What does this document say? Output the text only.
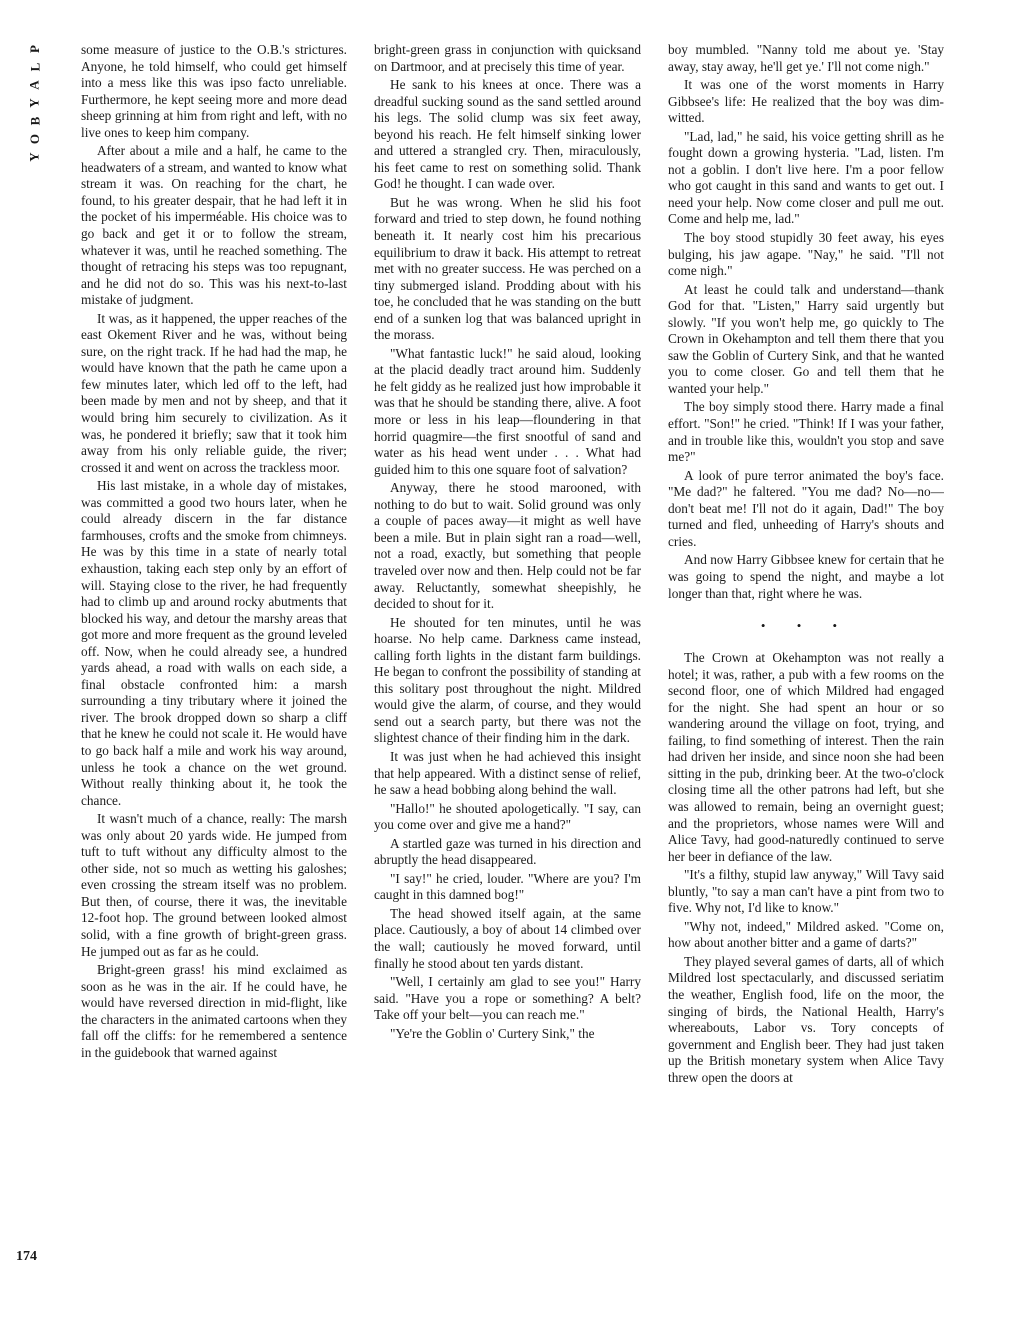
P
L
A
Y
B
O
Y

some measure of justice to the O.B.'s strictures. Anyone, he told himself, who could get himself into a mess like this was ipso facto unreliable. Furthermore, he kept seeing more and more dead sheep grinning at him from right and left, with no live ones to keep him company.

After about a mile and a half, he came to the headwaters of a stream, and wanted to know what stream it was. On reaching for the chart, he found, to his greater despair, that he had left it in the pocket of his imperméable. His choice was to go back and get it or to follow the stream, whatever it was, until he reached something. The thought of retracing his steps was too repugnant, and he did not do so. This was his next-to-last mistake of judgment.

It was, as it happened, the upper reaches of the east Okement River and he was, without being sure, on the right track. If he had had the map, he would have known that the path he came upon a few minutes later, which led off to the left, had been made by men and not by sheep, and that it would bring him securely to civilization. As it was, he pondered it briefly; saw that it took him away from his only reliable guide, the river; crossed it and went on across the trackless moor.

His last mistake, in a whole day of mistakes, was committed a good two hours later, when he could already discern in the far distance farmhouses, crofts and the smoke from chimneys. He was by this time in a state of nearly total exhaustion, taking each step only by an effort of will. Staying close to the river, he had frequently had to climb up and around rocky abutments that blocked his way, and detour the marshy areas that got more and more frequent as the ground leveled off. Now, when he could already see, a hundred yards ahead, a road with walls on each side, a final obstacle confronted him: a marsh surrounding a tiny tributary where it joined the river. The brook dropped down so sharp a cliff that he knew he could not scale it. He would have to go back half a mile and work his way around, unless he took a chance on the wet ground. Without really thinking about it, he took the chance.

It wasn't much of a chance, really: The marsh was only about 20 yards wide. He jumped from tuft to tuft without any difficulty almost to the other side, not so much as wetting his galoshes; even crossing the stream itself was no problem. But then, of course, there it was, the inevitable 12-foot hop. The ground between looked almost solid, with a fine growth of bright-green grass. He jumped out as far as he could.

Bright-green grass! his mind exclaimed as soon as he was in the air. If he could have, he would have reversed direction in mid-flight, like the characters in the animated cartoons when they fall off the cliffs: for he remembered a sentence in the guidebook that warned against

bright-green grass in conjunction with quicksand on Dartmoor, and at precisely this time of year.

He sank to his knees at once. There was a dreadful sucking sound as the sand settled around his legs. The solid clump was six feet away, beyond his reach. He felt himself sinking lower and uttered a strangled cry. Then, miraculously, his feet came to rest on something solid. Thank God! he thought. I can wade over.

But he was wrong. When he slid his foot forward and tried to step down, he found nothing beneath it. It nearly cost him his precarious equilibrium to draw it back. His attempt to retreat met with no greater success. He was perched on a tiny submerged island. Prodding about with his toe, he concluded that he was standing on the butt end of a sunken log that was balanced upright in the morass.

"What fantastic luck!" he said aloud, looking at the placid deadly tract around him. Suddenly he felt giddy as he realized just how improbable it was that he should be standing there, alive. A foot more or less in his leap—floundering in that horrid quagmire—the first snootful of sand and water as his head went under . . . What had guided him to this one square foot of salvation?

Anyway, there he stood marooned, with nothing to do but to wait. Solid ground was only a couple of paces away—it might as well have been a mile. But in plain sight ran a road—well, not a road, exactly, but something that people traveled over now and then. Help could not be far away. Reluctantly, somewhat sheepishly, he decided to shout for it.

He shouted for ten minutes, until he was hoarse. No help came. Darkness came instead, calling forth lights in the distant farm buildings. He began to confront the possibility of standing at this solitary post throughout the night. Mildred would give the alarm, of course, and they would send out a search party, but there was not the slightest chance of their finding him in the dark.

It was just when he had achieved this insight that help appeared. With a distinct sense of relief, he saw a head bobbing along behind the wall.

"Hallo!" he shouted apologetically. "I say, can you come over and give me a hand?"

A startled gaze was turned in his direction and abruptly the head disappeared.

"I say!" he cried, louder. "Where are you? I'm caught in this damned bog!"

The head showed itself again, at the same place. Cautiously, a boy of about 14 climbed over the wall; cautiously he moved forward, until finally he stood about ten yards distant.

"Well, I certainly am glad to see you!" Harry said. "Have you a rope or something? A belt? Take off your belt—you can reach me."

"Ye're the Goblin o' Curtery Sink," the

boy mumbled. "Nanny told me about ye. 'Stay away, stay away, he'll get ye.' I'll not come nigh."

It was one of the worst moments in Harry Gibbsee's life: He realized that the boy was dim-witted.

"Lad, lad," he said, his voice getting shrill as he fought down a growing hysteria. "Lad, listen. I'm not a goblin. I don't live here. I'm a poor fellow who got caught in this sand and wants to get out. I need your help. Now come closer and pull me out. Come and help me, lad."

The boy stood stupidly 30 feet away, his eyes bulging, his jaw agape. "Nay," he said. "I'll not come nigh."

At least he could talk and understand—thank God for that. "Listen," Harry said urgently but slowly. "If you won't help me, go quickly to The Crown in Okehampton and tell them there that you saw the Goblin of Curtery Sink, and that he wanted you to come closer. Go and tell them that he wanted your help."

The boy simply stood there. Harry made a final effort. "Son!" he cried. "Think! If I was your father, and in trouble like this, wouldn't you stop and save me?"

A look of pure terror animated the boy's face. "Me dad?" he faltered. "You me dad? No—no—don't beat me! I'll not do it again, Dad!" The boy turned and fled, unheeding of Harry's shouts and cries.

And now Harry Gibbsee knew for certain that he was going to spend the night, and maybe a lot longer than that, right where he was.

• • •

The Crown at Okehampton was not really a hotel; it was, rather, a pub with a few rooms on the second floor, one of which Mildred had engaged for the night. She had spent an hour or so wandering around the village on foot, trying, and failing, to find something of interest. Then the rain had driven her inside, and since noon she had been sitting in the pub, drinking beer. At the two-o'clock closing time all the other patrons had left, but she was allowed to remain, being an overnight guest; and the proprietors, whose names were Will and Alice Tavy, had good-naturedly continued to serve her beer in defiance of the law.

"It's a filthy, stupid law anyway," Will Tavy said bluntly, "to say a man can't have a pint from two to five. Why not, I'd like to know."

"Why not, indeed," Mildred asked. "Come on, how about another bitter and a game of darts?"

They played several games of darts, all of which Mildred lost spectacularly, and discussed seriatim the weather, English food, life on the moor, the singing of birds, the National Health, Harry's whereabouts, Labor vs. Tory concepts of government and English beer. They had just taken up the British monetary system when Alice Tavy threw open the doors at

174
